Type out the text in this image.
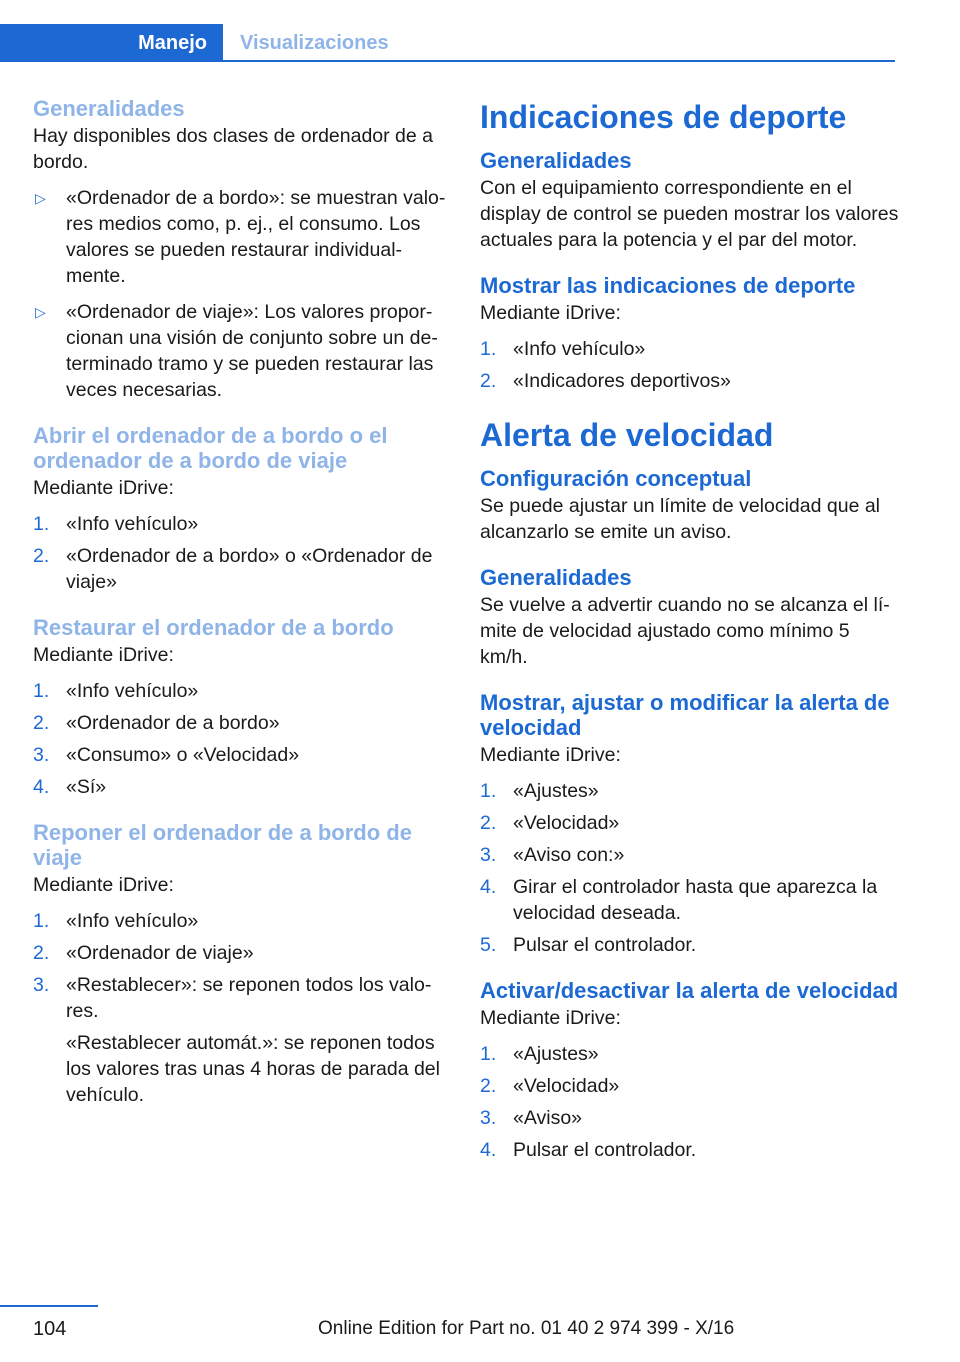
Manejo Visualizaciones
Generalidades
Hay disponibles dos clases de ordenador de a bordo.
▷ «Ordenador de a bordo»: se muestran valores medios como, p. ej., el consumo. Los valores se pueden restaurar individualmente.
▷ «Ordenador de viaje»: Los valores proporcionan una visión de conjunto sobre un determinado tramo y se pueden restaurar las veces necesarias.
Abrir el ordenador de a bordo o el ordenador de a bordo de viaje
Mediante iDrive:
1. «Info vehículo»
2. «Ordenador de a bordo» o «Ordenador de viaje»
Restaurar el ordenador de a bordo
Mediante iDrive:
1. «Info vehículo»
2. «Ordenador de a bordo»
3. «Consumo» o «Velocidad»
4. «Sí»
Reponer el ordenador de a bordo de viaje
Mediante iDrive:
1. «Info vehículo»
2. «Ordenador de viaje»
3. «Restablecer»: se reponen todos los valores.
«Restablecer automát.»: se reponen todos los valores tras unas 4 horas de parada del vehículo.
Indicaciones de deporte
Generalidades
Con el equipamiento correspondiente en el display de control se pueden mostrar los valores actuales para la potencia y el par del motor.
Mostrar las indicaciones de deporte
Mediante iDrive:
1. «Info vehículo»
2. «Indicadores deportivos»
Alerta de velocidad
Configuración conceptual
Se puede ajustar un límite de velocidad que al alcanzarlo se emite un aviso.
Generalidades
Se vuelve a advertir cuando no se alcanza el límite de velocidad ajustado como mínimo 5 km/h.
Mostrar, ajustar o modificar la alerta de velocidad
Mediante iDrive:
1. «Ajustes»
2. «Velocidad»
3. «Aviso con:»
4. Girar el controlador hasta que aparezca la velocidad deseada.
5. Pulsar el controlador.
Activar/desactivar la alerta de velocidad
Mediante iDrive:
1. «Ajustes»
2. «Velocidad»
3. «Aviso»
4. Pulsar el controlador.
104	Online Edition for Part no. 01 40 2 974 399 - X/16
